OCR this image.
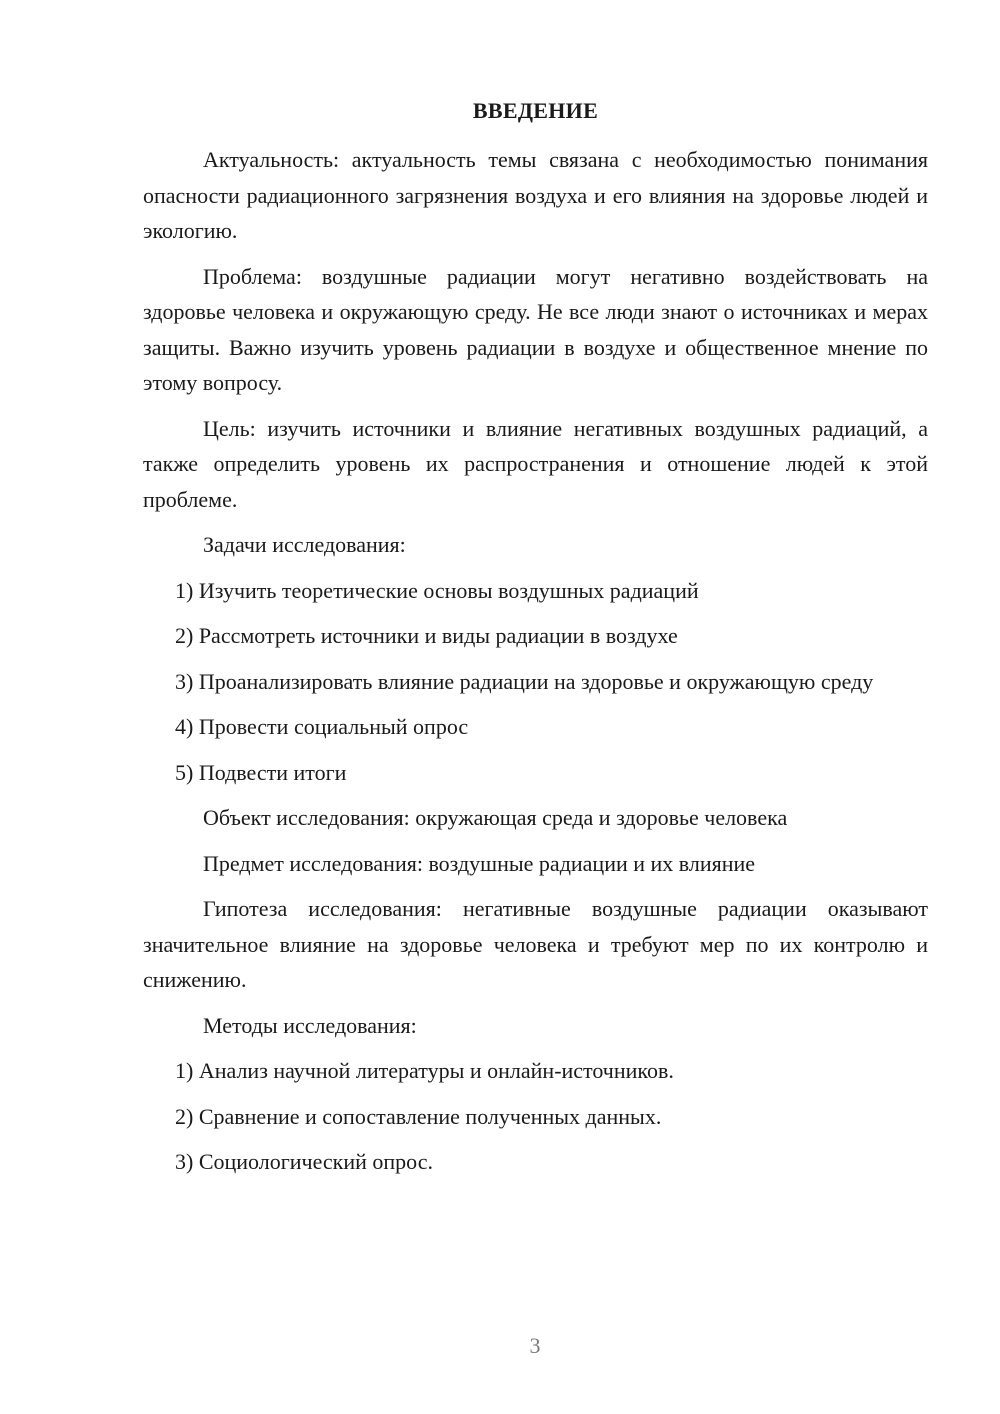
ВВЕДЕНИЕ

Актуальность: актуальность темы связана с необходимостью понимания опасности радиационного загрязнения воздуха и его влияния на здоровье людей и экологию.

Проблема: воздушные радиации могут негативно воздействовать на здоровье человека и окружающую среду. Не все люди знают о источниках и мерах защиты. Важно изучить уровень радиации в воздухе и общественное мнение по этому вопросу.

Цель: изучить источники и влияние негативных воздушных радиаций, а также определить уровень их распространения и отношение людей к этой проблеме.

Задачи исследования:

1) Изучить теоретические основы воздушных радиаций

2) Рассмотреть источники и виды радиации в воздухе

3) Проанализировать влияние радиации на здоровье и окружающую среду

4) Провести социальный опрос

5) Подвести итоги

Объект исследования: окружающая среда и здоровье человека

Предмет исследования: воздушные радиации и их влияние

Гипотеза исследования: негативные воздушные радиации оказывают значительное влияние на здоровье человека и требуют мер по их контролю и снижению.

Методы исследования:

1) Анализ научной литературы и онлайн-источников.

2) Сравнение и сопоставление полученных данных.

3) Социологический опрос.

3
